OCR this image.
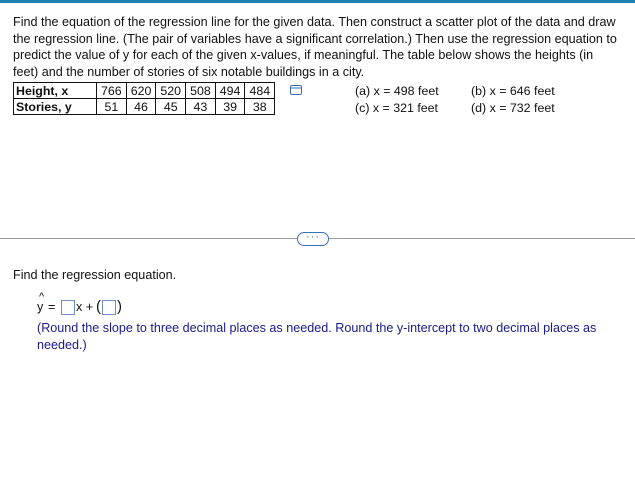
Find the equation of the regression line for the given data. Then construct a scatter plot of the data and draw
the regression line. (The pair of variables have a significant correlation.) Then use the regression equation to
predict the value of y for each of the given x-values, if meaningful. The table below shows the heights (in
feet) and the number of stories of six notable buildings in a city.
Height, x	766	620	520	508	494	484
Stories, y	51	46	45	43	39	38
(a) x = 498 feet
(c) x = 321 feet
(b) x = 646 feet
(d) x = 732 feet
···
Find the regression equation.
^
y = x + ( )
(Round the slope to three decimal places as needed. Round the y-intercept to two decimal places as needed.)
